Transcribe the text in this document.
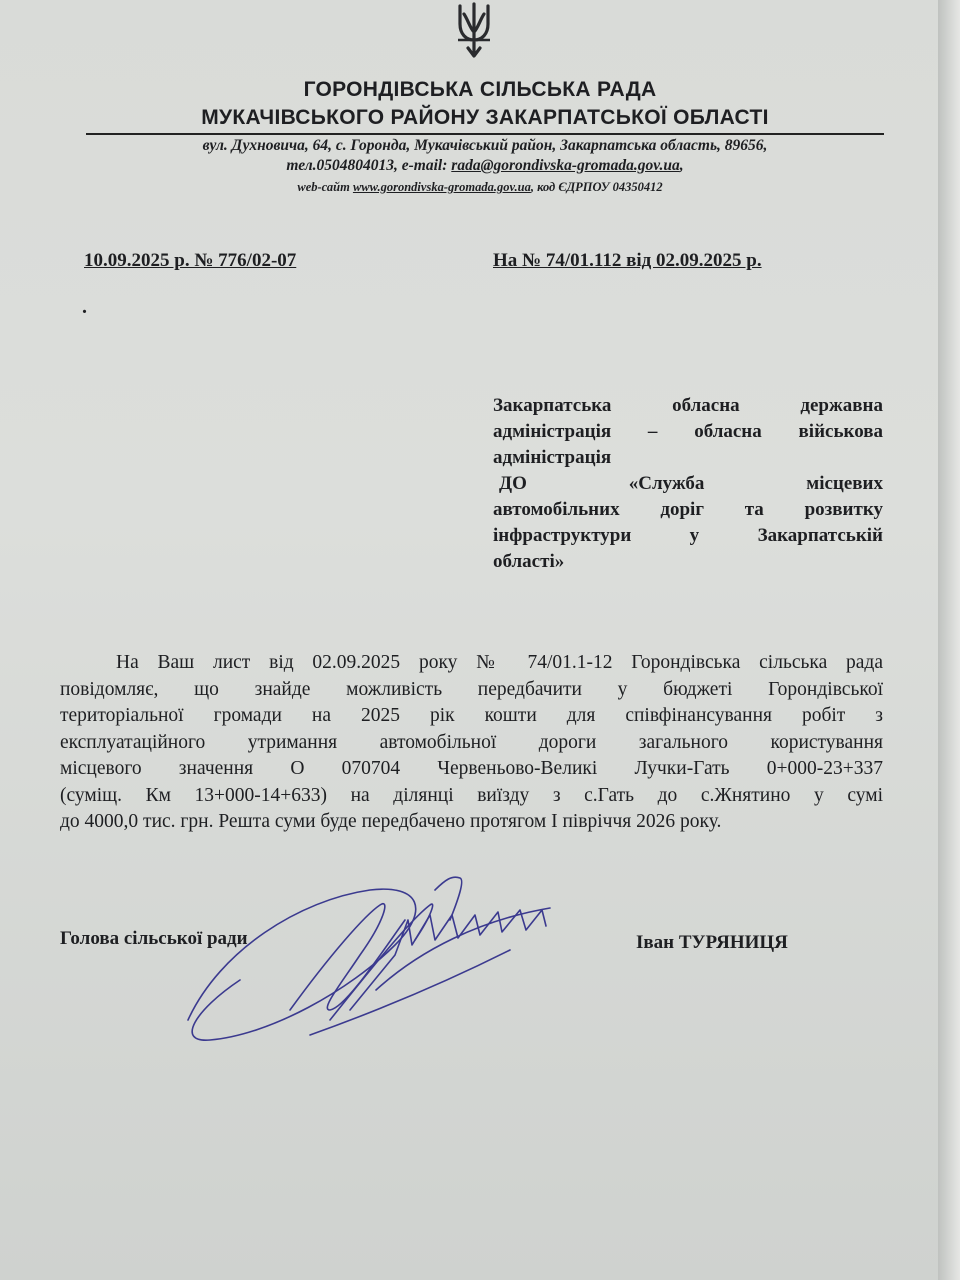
ГОРОНДІВСЬКА СІЛЬСЬКА РАДА
МУКАЧІВСЬКОГО РАЙОНУ ЗАКАРПАТСЬКОЇ ОБЛАСТІ
вул. Духновича, 64, с. Горонда, Мукачівський район, Закарпатська область, 89656,
тел.0504804013, e-mail: rada@gorondivska-gromada.gov.ua,
web-сайт www.gorondivska-gromada.gov.ua, код ЄДРПОУ 04350412
10.09.2025 р. № 776/02-07	На № 74/01.112 від 02.09.2025 р.
.
Закарпатська обласна державна
адміністрація – обласна військова
адміністрація
ДО «Служба місцевих
автомобільних доріг та розвитку
інфраструктури у Закарпатській
області»
На Ваш лист від 02.09.2025 року № 74/01.1-12 Горондівська сільська рада
повідомляє, що знайде можливість передбачити у бюджеті Горондівської
територіальної громади на 2025 рік кошти для співфінансування робіт з
експлуатаційного утримання автомобільної дороги загального користування
місцевого значення О 070704 Червеньово-Великі Лучки-Гать 0+000-23+337
(суміщ. Км 13+000-14+633) на ділянці виїзду з с.Гать до с.Жнятино у сумі
до 4000,0 тис. грн. Решта суми буде передбачено протягом І півріччя 2026 року.
Голова сільської ради	Іван ТУРЯНИЦЯ
